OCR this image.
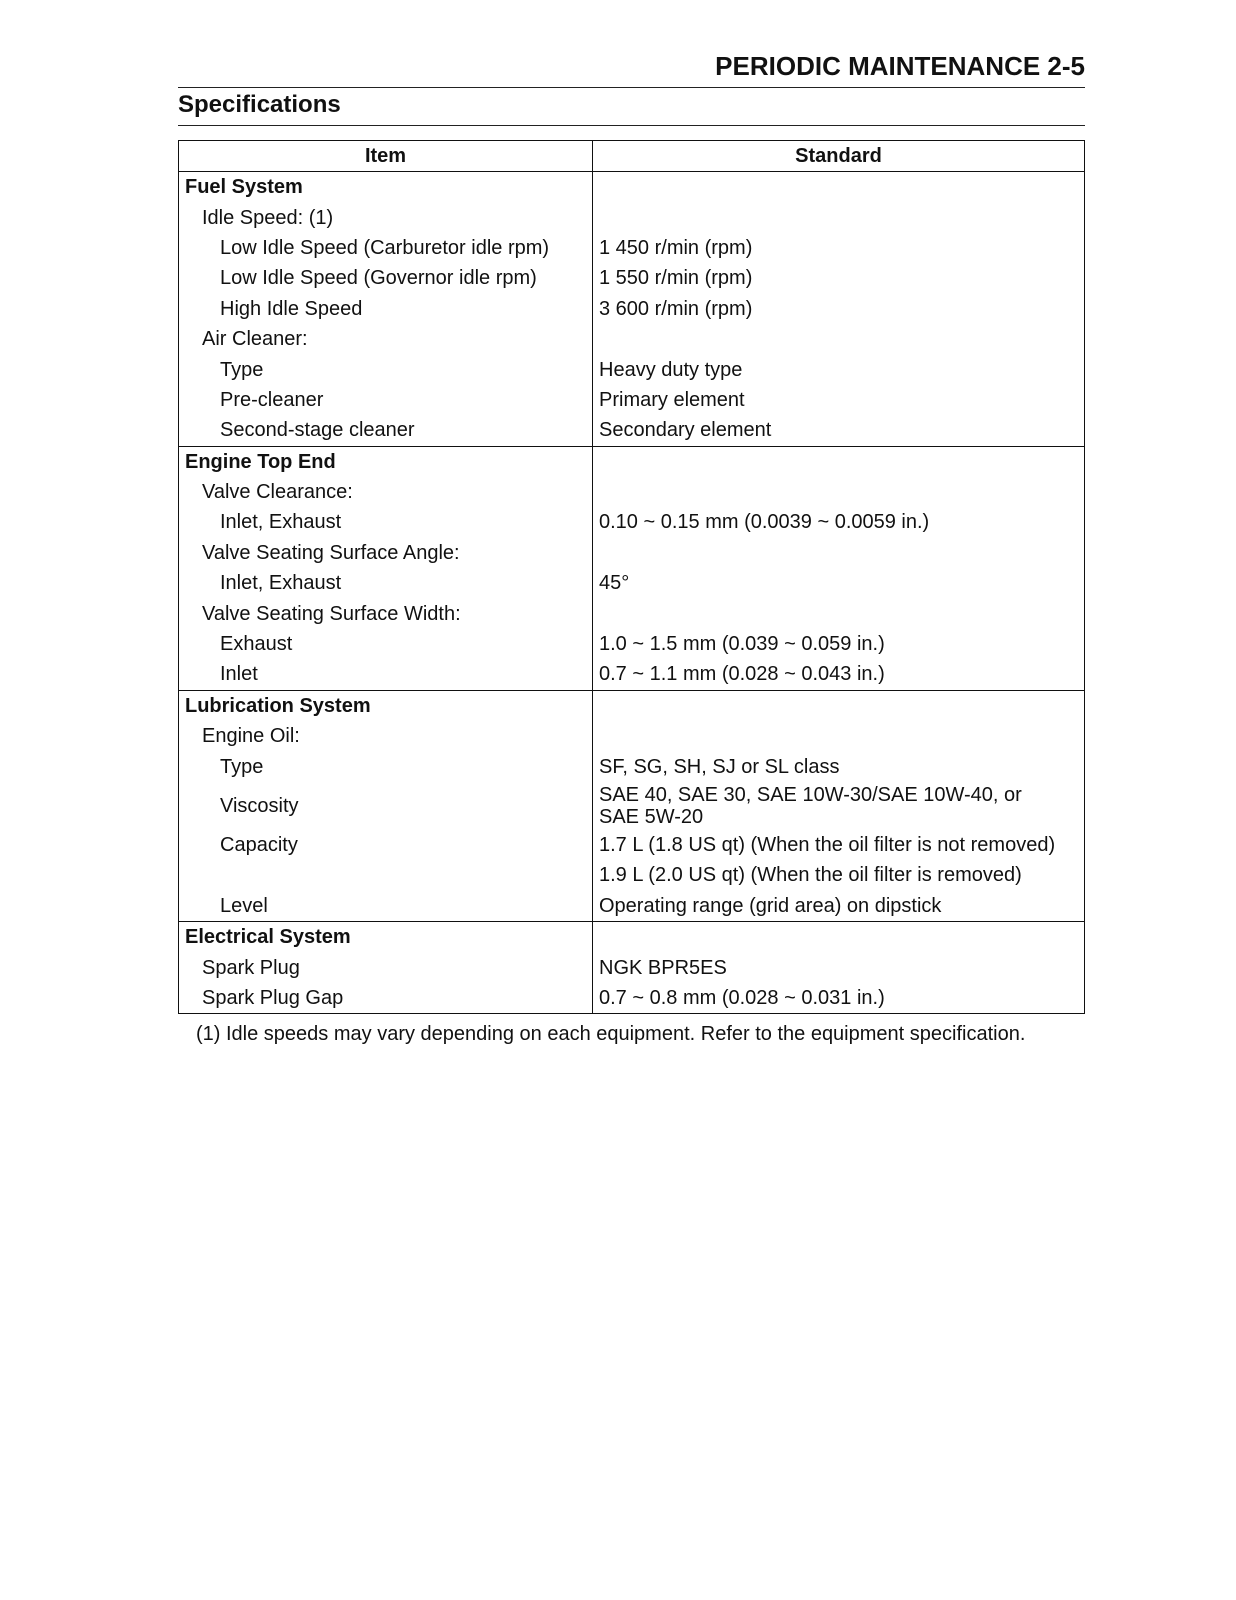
PERIODIC MAINTENANCE 2-5
Specifications
Item	Standard
Fuel System	
Idle Speed: (1)	
Low Idle Speed (Carburetor idle rpm)	1 450 r/min (rpm)
Low Idle Speed (Governor idle rpm)	1 550 r/min (rpm)
High Idle Speed	3 600 r/min (rpm)
Air Cleaner:	
Type	Heavy duty type
Pre-cleaner	Primary element
Second-stage cleaner	Secondary element
Engine Top End	
Valve Clearance:	
Inlet, Exhaust	0.10 ~ 0.15 mm (0.0039 ~ 0.0059 in.)
Valve Seating Surface Angle:	
Inlet, Exhaust	45°
Valve Seating Surface Width:	
Exhaust	1.0 ~ 1.5 mm (0.039 ~ 0.059 in.)
Inlet	0.7 ~ 1.1 mm (0.028 ~ 0.043 in.)
Lubrication System	
Engine Oil:	
Type	SF, SG, SH, SJ or SL class
Viscosity	SAE 40, SAE 30, SAE 10W-30/SAE 10W-40, or
SAE 5W-20
Capacity	1.7 L (1.8 US qt) (When the oil filter is not removed)
	1.9 L (2.0 US qt) (When the oil filter is removed)
Level	Operating range (grid area) on dipstick
Electrical System	
Spark Plug	NGK BPR5ES
Spark Plug Gap	0.7 ~ 0.8 mm (0.028 ~ 0.031 in.)
(1) Idle speeds may vary depending on each equipment. Refer to the equipment specification.
